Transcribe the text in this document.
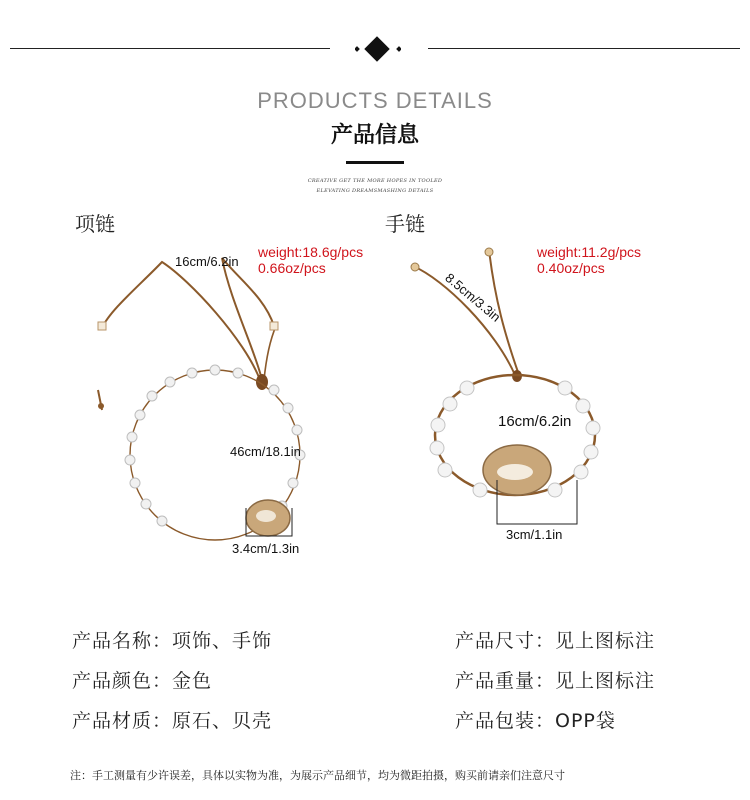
PRODUCTS DETAILS
产品信息
CREATIVE GET THE MORE HOPES IN TOOLED
ELEVATING DREAMSMASHING DETAILS
项链	手链
16cm/6.2in
weight:18.6g/pcs
0.66oz/pcs
46cm/18.1in
3.4cm/1.3in
8.5cm/3.3in
weight:11.2g/pcs
0.40oz/pcs
16cm/6.2in
3cm/1.1in
产品名称：项饰、手饰
产品颜色：金色
产品材质：原石、贝壳
产品尺寸：见上图标注
产品重量：见上图标注
产品包装：OPP袋
注：手工测量有少许误差，具体以实物为准，为展示产品细节，均为微距拍摄，购买前请亲们注意尺寸
